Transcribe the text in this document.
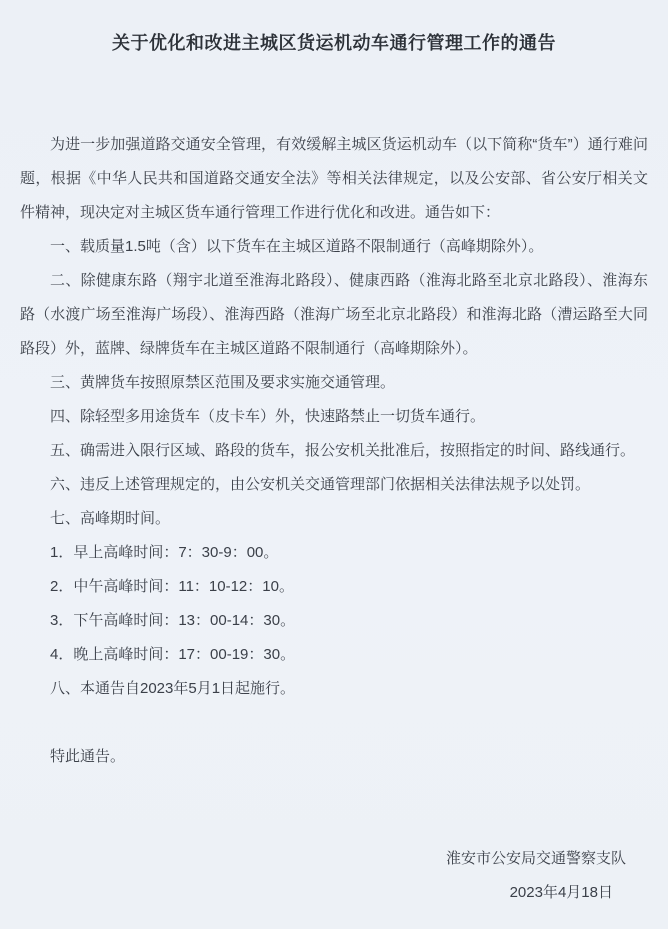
关于优化和改进主城区货运机动车通行管理工作的通告

为进一步加强道路交通安全管理，有效缓解主城区货运机动车（以下简称“货车”）通行难问题，根据《中华人民共和国道路交通安全法》等相关法律规定，以及公安部、省公安厅相关文件精神，现决定对主城区货车通行管理工作进行优化和改进。通告如下：

一、载质量1.5吨（含）以下货车在主城区道路不限制通行（高峰期除外）。

二、除健康东路（翔宇北道至淮海北路段）、健康西路（淮海北路至北京北路段）、淮海东路（水渡广场至淮海广场段）、淮海西路（淮海广场至北京北路段）和淮海北路（漕运路至大同路段）外，蓝牌、绿牌货车在主城区道路不限制通行（高峰期除外）。

三、黄牌货车按照原禁区范围及要求实施交通管理。

四、除轻型多用途货车（皮卡车）外，快速路禁止一切货车通行。

五、确需进入限行区域、路段的货车，报公安机关批准后，按照指定的时间、路线通行。

六、违反上述管理规定的，由公安机关交通管理部门依据相关法律法规予以处罚。

七、高峰期时间。

1．早上高峰时间：7：30-9：00。

2．中午高峰时间：11：10-12：10。

3．下午高峰时间：13：00-14：30。

4．晚上高峰时间：17：00-19：30。

八、本通告自2023年5月1日起施行。

特此通告。

淮安市公安局交通警察支队
2023年4月18日
